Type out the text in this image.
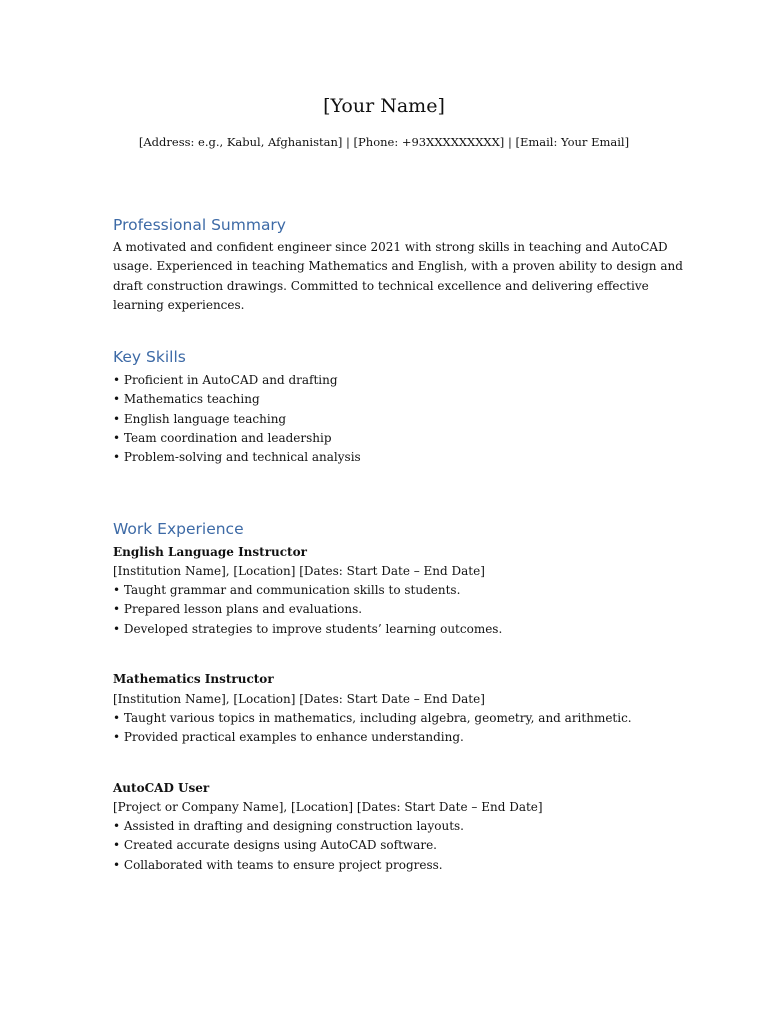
[Your Name]
[Address: e.g., Kabul, Afghanistan] | [Phone: +93XXXXXXXXX] | [Email: Your Email]
Professional Summary
A motivated and confident engineer since 2021 with strong skills in teaching and AutoCAD
usage. Experienced in teaching Mathematics and English, with a proven ability to design and
draft construction drawings. Committed to technical excellence and delivering effective
learning experiences.
Key Skills
• Proficient in AutoCAD and drafting
• Mathematics teaching
• English language teaching
• Team coordination and leadership
• Problem-solving and technical analysis
Work Experience
English Language Instructor
[Institution Name], [Location] [Dates: Start Date – End Date]
• Taught grammar and communication skills to students.
• Prepared lesson plans and evaluations.
• Developed strategies to improve students’ learning outcomes.
Mathematics Instructor
[Institution Name], [Location] [Dates: Start Date – End Date]
• Taught various topics in mathematics, including algebra, geometry, and arithmetic.
• Provided practical examples to enhance understanding.
AutoCAD User
[Project or Company Name], [Location] [Dates: Start Date – End Date]
• Assisted in drafting and designing construction layouts.
• Created accurate designs using AutoCAD software.
• Collaborated with teams to ensure project progress.
